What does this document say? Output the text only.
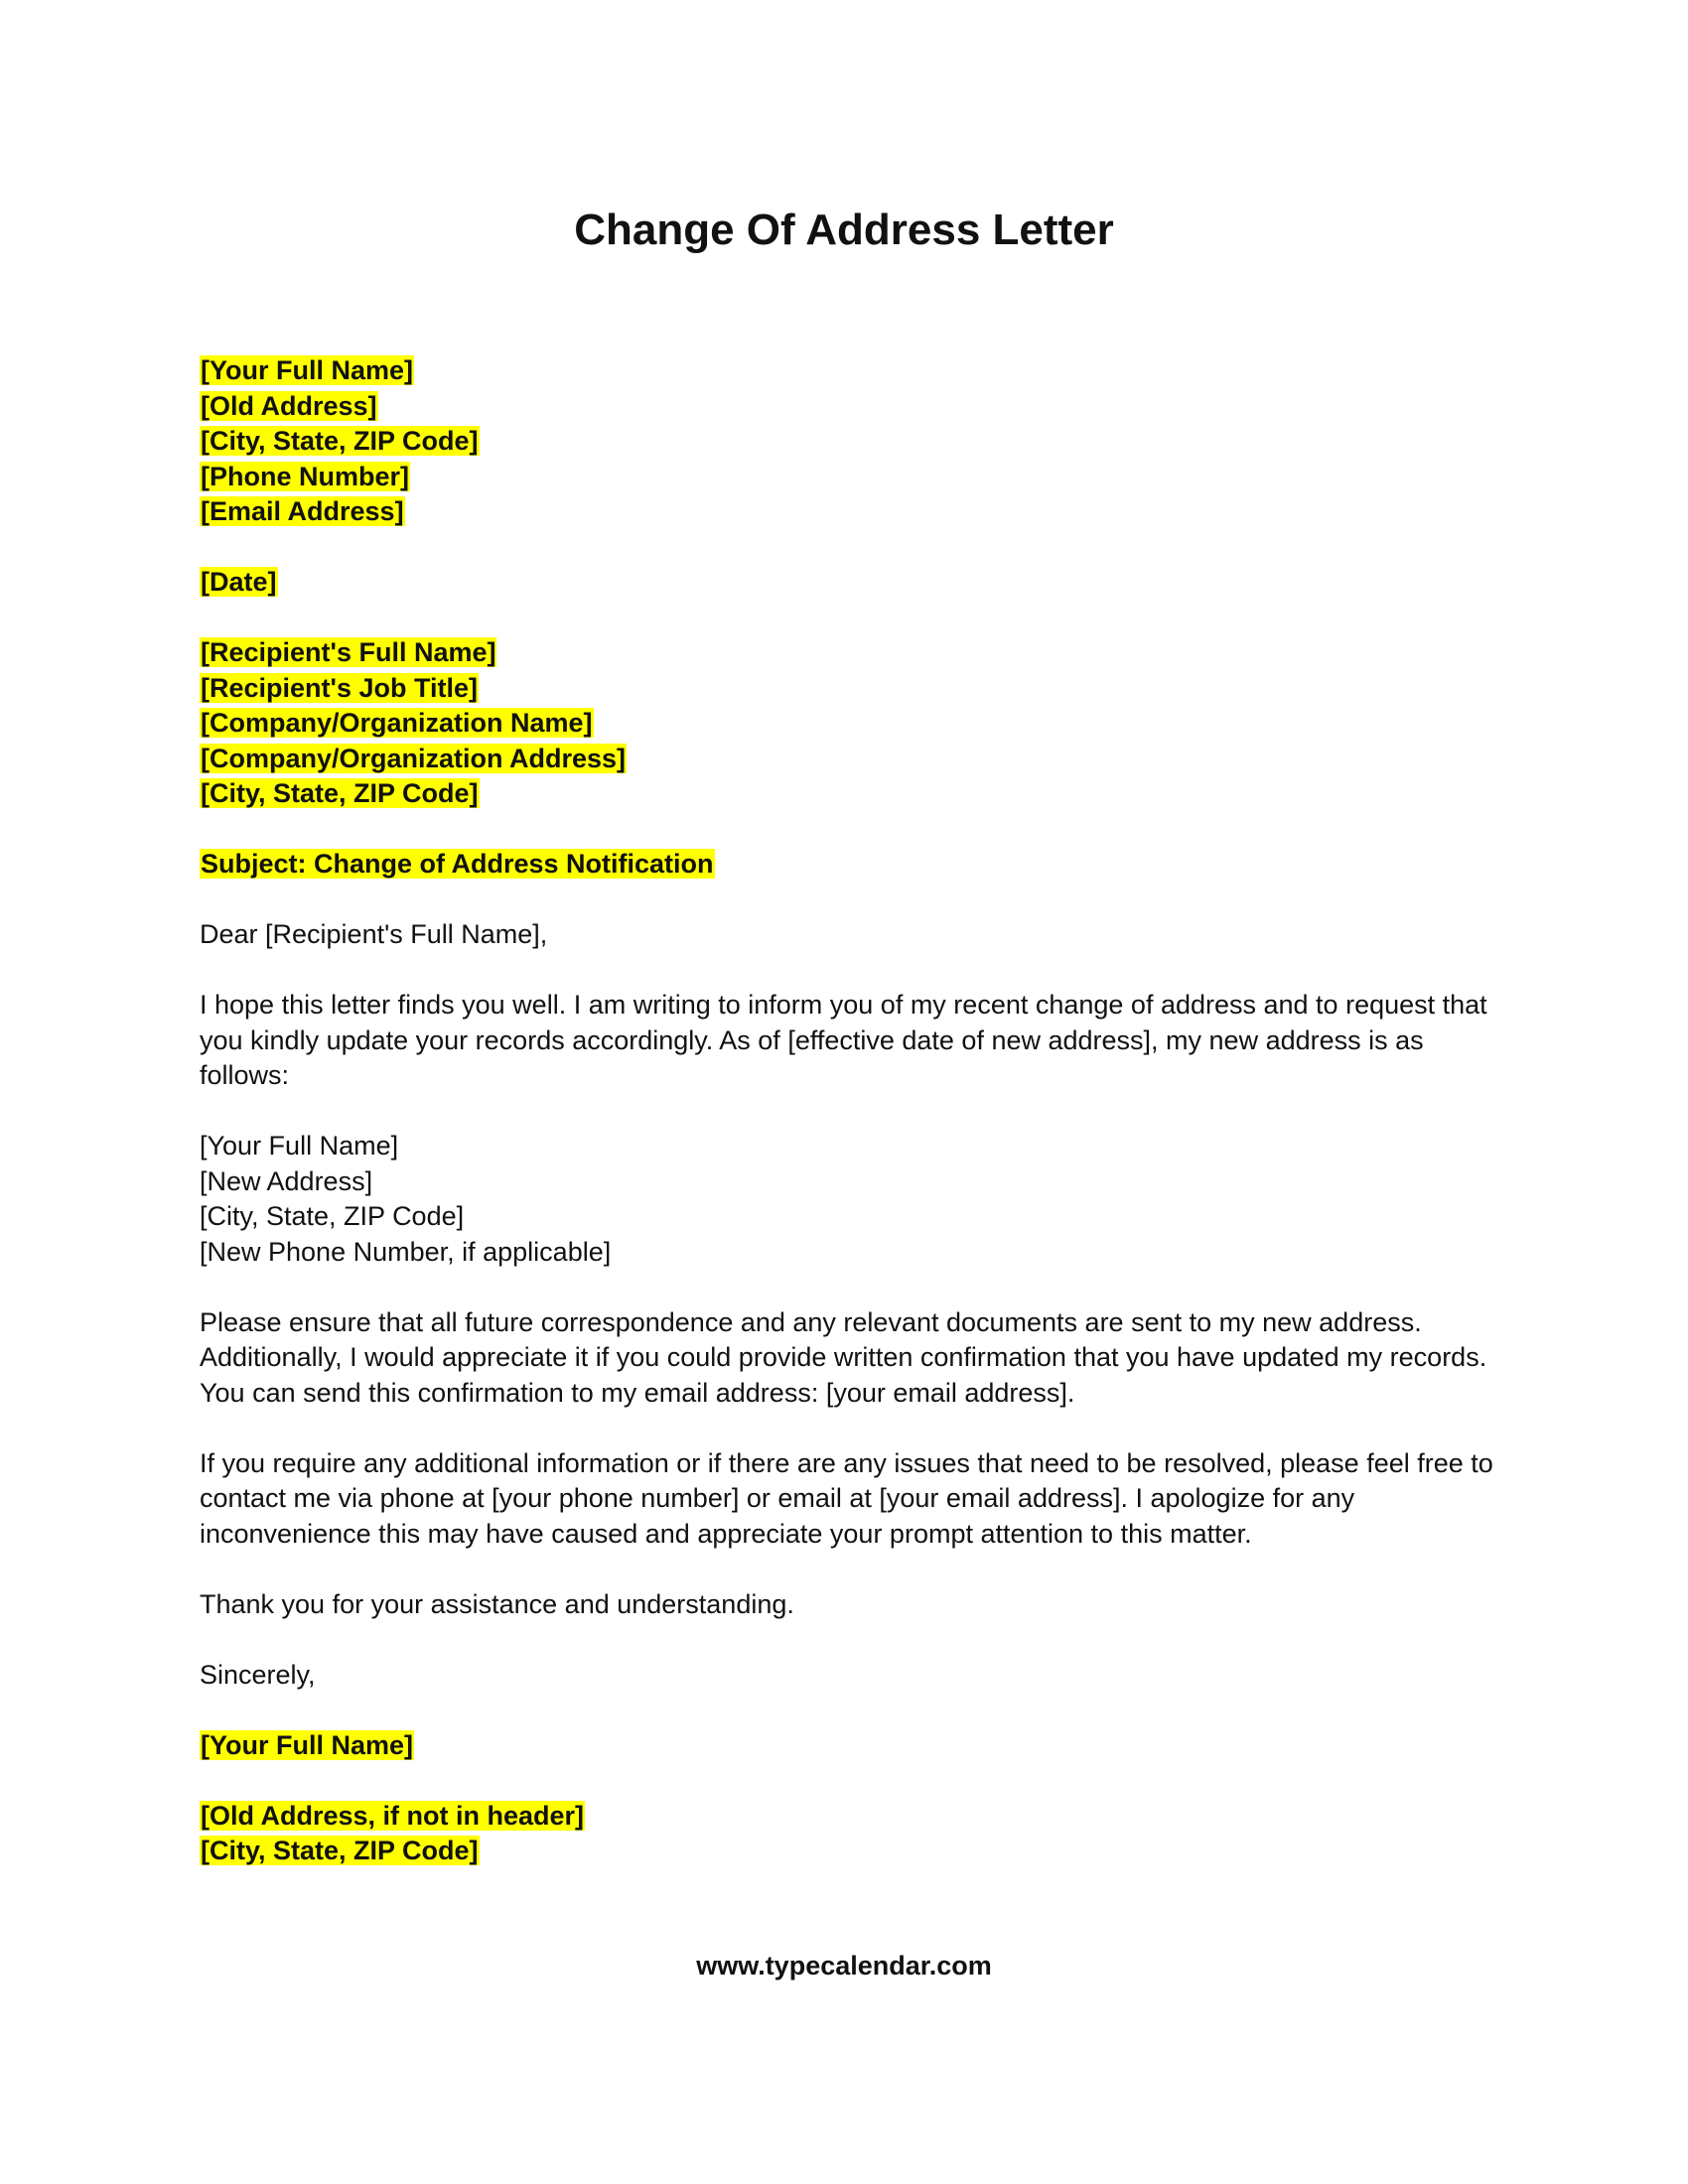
Change Of Address Letter
[Your Full Name]
[Old Address]
[City, State, ZIP Code]
[Phone Number]
[Email Address]
[Date]
[Recipient's Full Name]
[Recipient's Job Title]
[Company/Organization Name]
[Company/Organization Address]
[City, State, ZIP Code]
Subject: Change of Address Notification

Dear [Recipient's Full Name],

I hope this letter finds you well. I am writing to inform you of my recent change of address and to request that you kindly update your records accordingly. As of [effective date of new address], my new address is as follows:

[Your Full Name]
[New Address]
[City, State, ZIP Code]
[New Phone Number, if applicable]

Please ensure that all future correspondence and any relevant documents are sent to my new address. Additionally, I would appreciate it if you could provide written confirmation that you have updated my records. You can send this confirmation to my email address: [your email address].

If you require any additional information or if there are any issues that need to be resolved, please feel free to contact me via phone at [your phone number] or email at [your email address]. I apologize for any inconvenience this may have caused and appreciate your prompt attention to this matter.

Thank you for your assistance and understanding.

Sincerely,

[Your Full Name]
[Old Address, if not in header]
[City, State, ZIP Code]
www.typecalendar.com
